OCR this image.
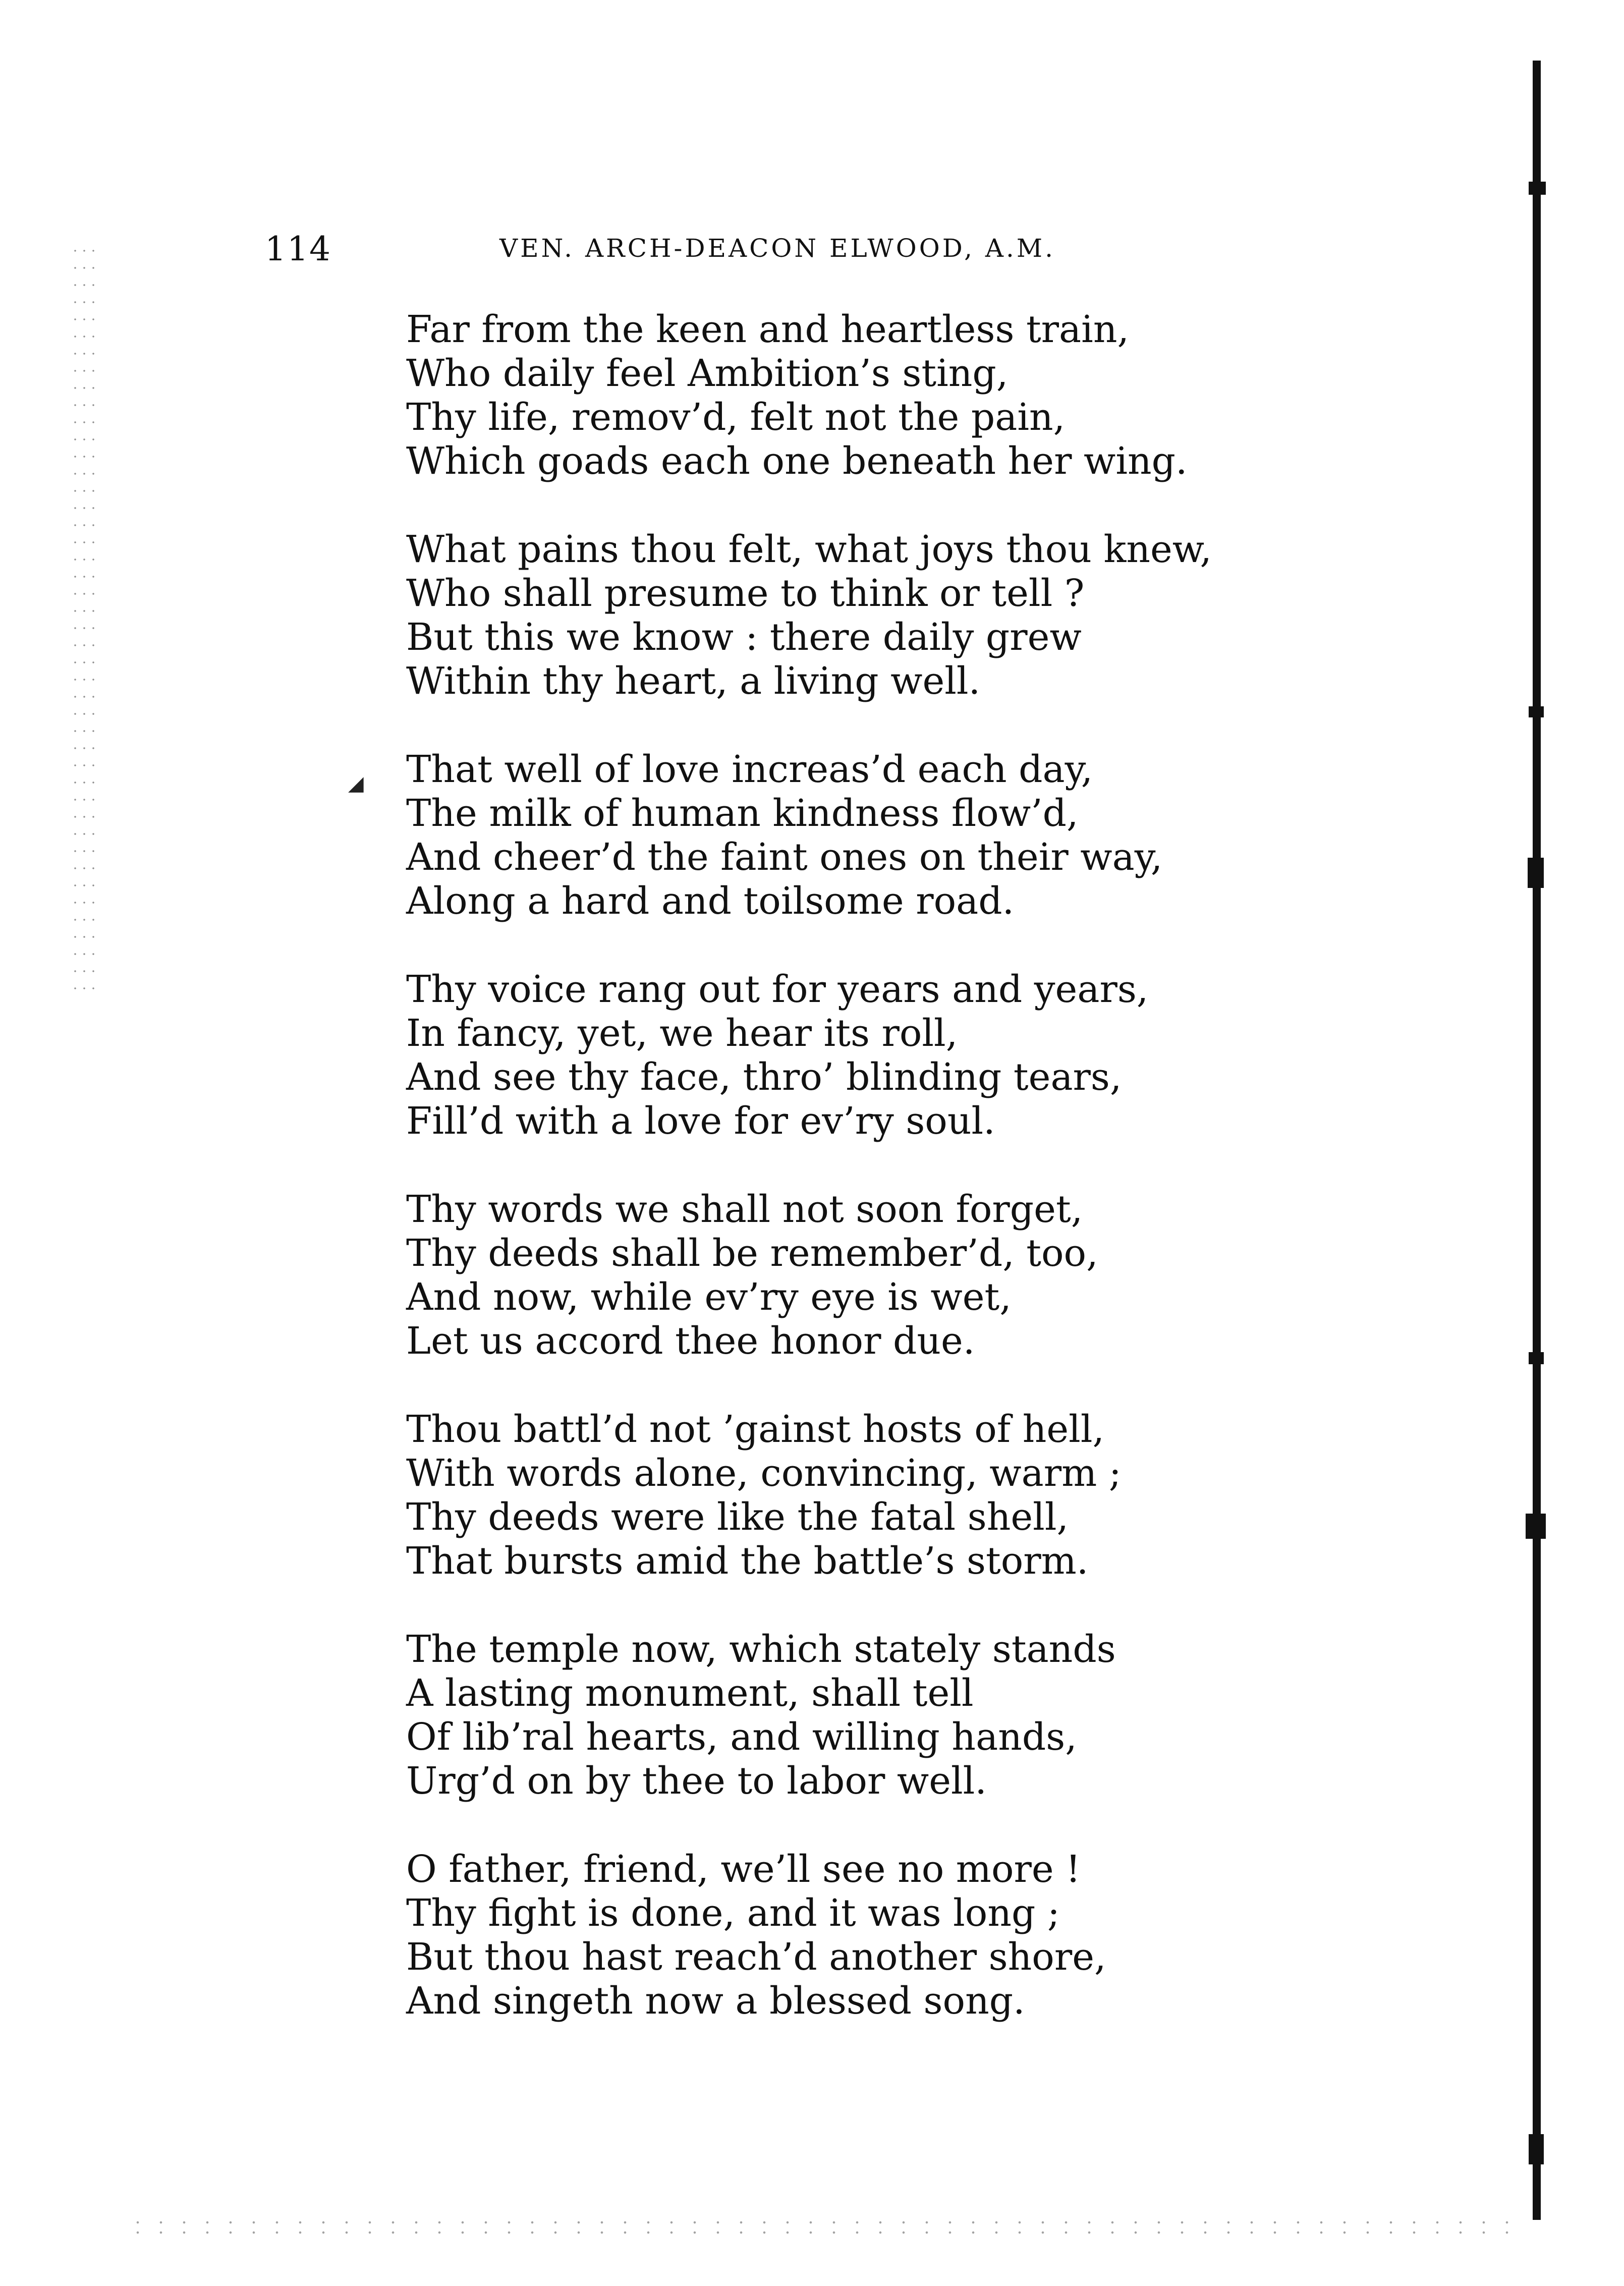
114	VEN. ARCH-DEACON ELWOOD, A.M.
Far from the keen and heartless train,
Who daily feel Ambition’s sting,
Thy life, remov’d, felt not the pain,
Which goads each one beneath her wing.
What pains thou felt, what joys thou knew,
Who shall presume to think or tell ?
But this we know : there daily grew
Within thy heart, a living well.
That well of love increas’d each day,
The milk of human kindness flow’d,
And cheer’d the faint ones on their way,
Along a hard and toilsome road.
Thy voice rang out for years and years,
In fancy, yet, we hear its roll,
And see thy face, thro’ blinding tears,
Fill’d with a love for ev’ry soul.
Thy words we shall not soon forget,
Thy deeds shall be remember’d, too,
And now, while ev’ry eye is wet,
Let us accord thee honor due.
Thou battl’d not ’gainst hosts of hell,
With words alone, convincing, warm ;
Thy deeds were like the fatal shell,
That bursts amid the battle’s storm.
The temple now, which stately stands
A lasting monument, shall tell
Of lib’ral hearts, and willing hands,
Urg’d on by thee to labor well.
O father, friend, we’ll see no more !
Thy fight is done, and it was long ;
But thou hast reach’d another shore,
And singeth now a blessed song.
◢
